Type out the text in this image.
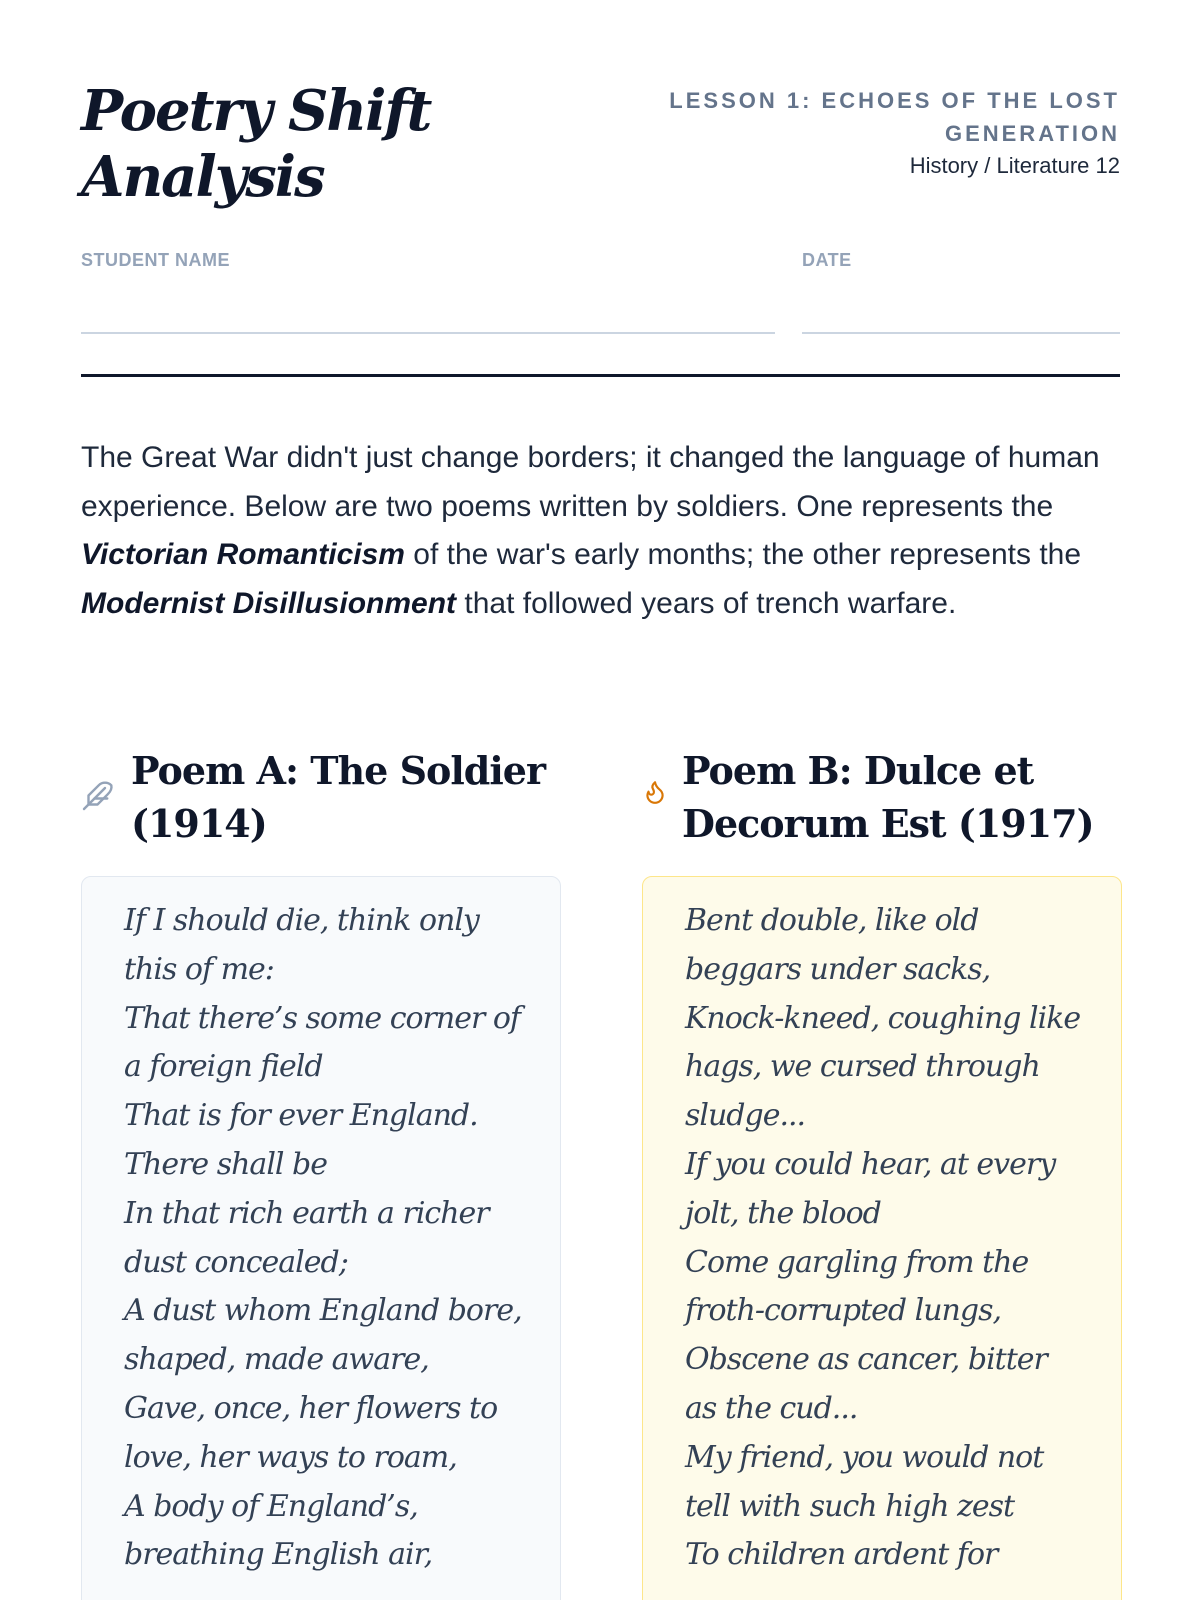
Poetry Shift
Analysis
LESSON 1: ECHOES OF THE LOST GENERATION
History / Literature 12
STUDENT NAME	DATE

The Great War didn't just change borders; it changed the language of human experience. Below are two poems written by soldiers. One represents the Victorian Romanticism of the war's early months; the other represents the Modernist Disillusionment that followed years of trench warfare.

Poem A: The Soldier (1914)
If I should die, think only this of me:
That there’s some corner of a foreign field
That is for ever England. There shall be
In that rich earth a richer dust concealed;
A dust whom England bore, shaped, made aware,
Gave, once, her flowers to love, her ways to roam,
A body of England’s, breathing English air,
Poem B: Dulce et Decorum Est (1917)
Bent double, like old beggars under sacks,
Knock-kneed, coughing like hags, we cursed through sludge...
If you could hear, at every jolt, the blood
Come gargling from the froth-corrupted lungs,
Obscene as cancer, bitter as the cud...
My friend, you would not tell with such high zest
To children ardent for
